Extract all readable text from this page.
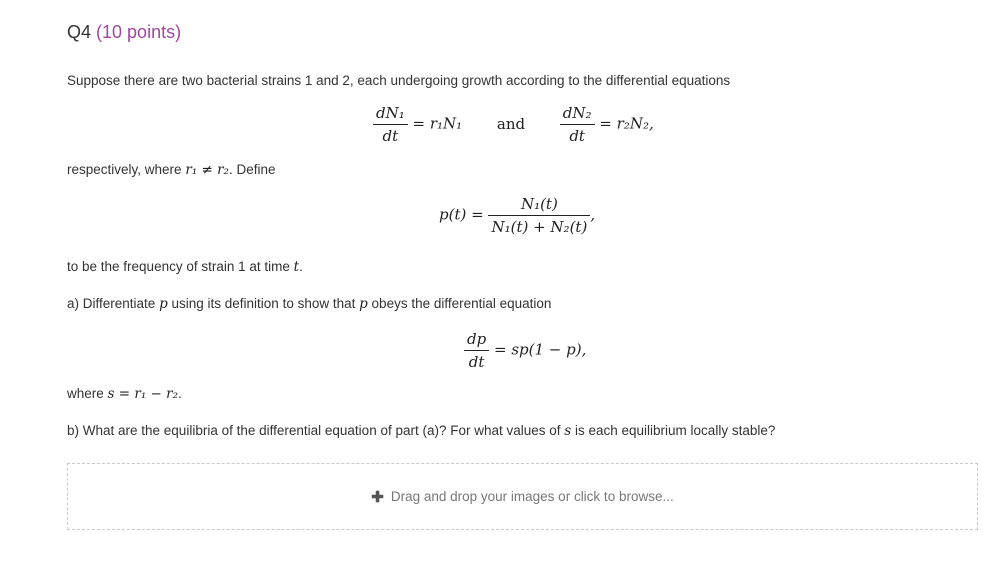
Q4 (10 points)
Suppose there are two bacterial strains 1 and 2, each undergoing growth according to the differential equations
$\frac{\text{dN₁}}{dt} = r_1N_1$ and $\frac{\text{dN₂}}{dt} = r_2N_2$,
respectively, where r₁ ≠ r₂. Define
$p(t) = \frac{\text{N₁(t)}}{\text{N₁(t) + N₂(t)}}$ ,
to be the frequency of strain 1 at time t.
a) Differentiate p using its definition to show that p obeys the differential equation
$\frac{dp}{dt} = sp(1 - p)$,
where s = r₁ − r₂.
b) What are the equilibria of the differential equation of part (a)? For what values of s is each equilibrium locally stable?
✚ Drag and drop your images or click to browse...
